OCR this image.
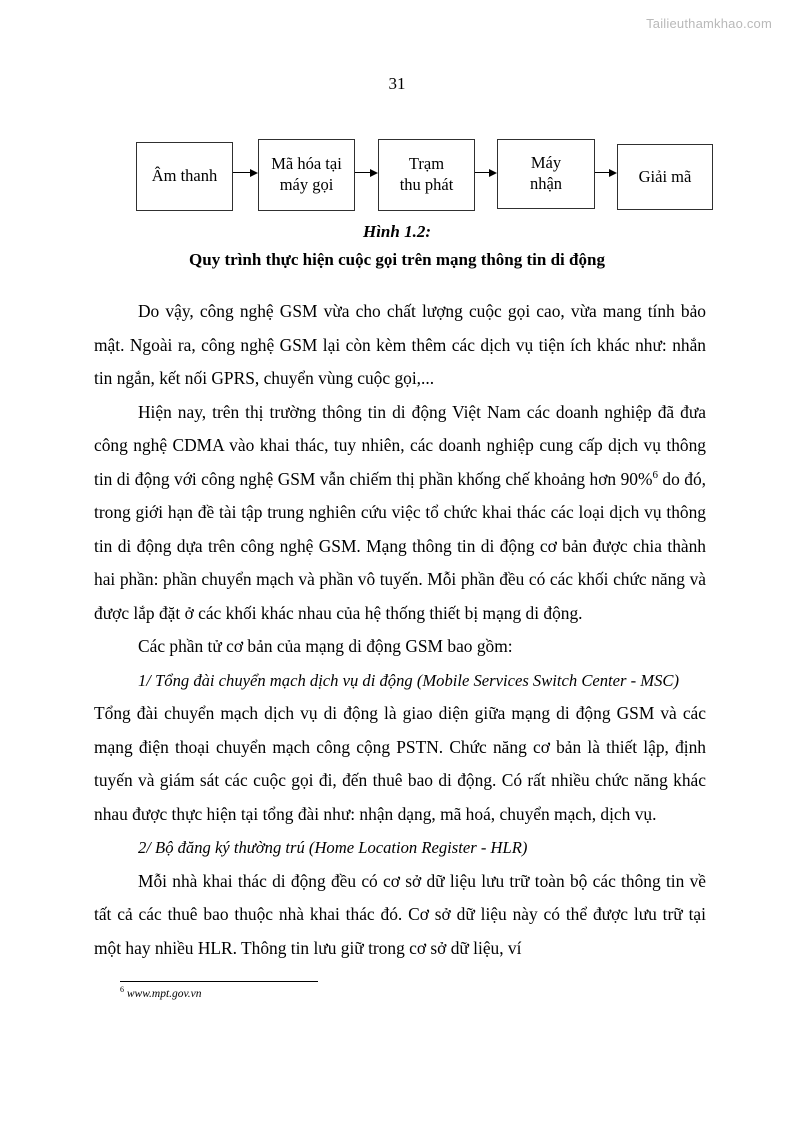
Tailieuthamkhao.com
31
Âm thanh
Mã hóa tại
máy gọi
Trạm
thu phát
Máy
nhận	Giải mã
Hình 1.2:
Quy trình thực hiện cuộc gọi trên mạng thông tin di động

Do vậy, công nghệ GSM vừa cho chất lượng cuộc gọi cao, vừa mang tính bảo mật. Ngoài ra, công nghệ GSM lại còn kèm thêm các dịch vụ tiện ích khác như: nhắn tin ngắn, kết nối GPRS, chuyển vùng cuộc gọi,...

Hiện nay, trên thị trường thông tin di động Việt Nam các doanh nghiệp đã đưa công nghệ CDMA vào khai thác, tuy nhiên, các doanh nghiệp cung cấp dịch vụ thông tin di động với công nghệ GSM vẫn chiếm thị phần khống chế khoảng hơn 90%$^6$ do đó, trong giới hạn đề tài tập trung nghiên cứu việc tổ chức khai thác các loại dịch vụ thông tin di động dựa trên công nghệ GSM. Mạng thông tin di động cơ bản được chia thành hai phần: phần chuyển mạch và phần vô tuyến. Mỗi phần đều có các khối chức năng và được lắp đặt ở các khối khác nhau của hệ thống thiết bị mạng di động.

Các phần tử cơ bản của mạng di động GSM bao gồm:

1/ Tổng đài chuyển mạch dịch vụ di động (Mobile Services Switch Center - MSC)

Tổng đài chuyển mạch dịch vụ di động là giao diện giữa mạng di động GSM và các mạng điện thoại chuyển mạch công cộng PSTN. Chức năng cơ bản là thiết lập, định tuyến và giám sát các cuộc gọi đi, đến thuê bao di động. Có rất nhiều chức năng khác nhau được thực hiện tại tổng đài như: nhận dạng, mã hoá, chuyển mạch, dịch vụ.

2/ Bộ đăng ký thường trú (Home Location Register - HLR)

Mỗi nhà khai thác di động đều có cơ sở dữ liệu lưu trữ toàn bộ các thông tin về tất cả các thuê bao thuộc nhà khai thác đó. Cơ sở dữ liệu này có thể được lưu trữ tại một hay nhiều HLR. Thông tin lưu giữ trong cơ sở dữ liệu, ví

$^6$ www.mpt.gov.vn
